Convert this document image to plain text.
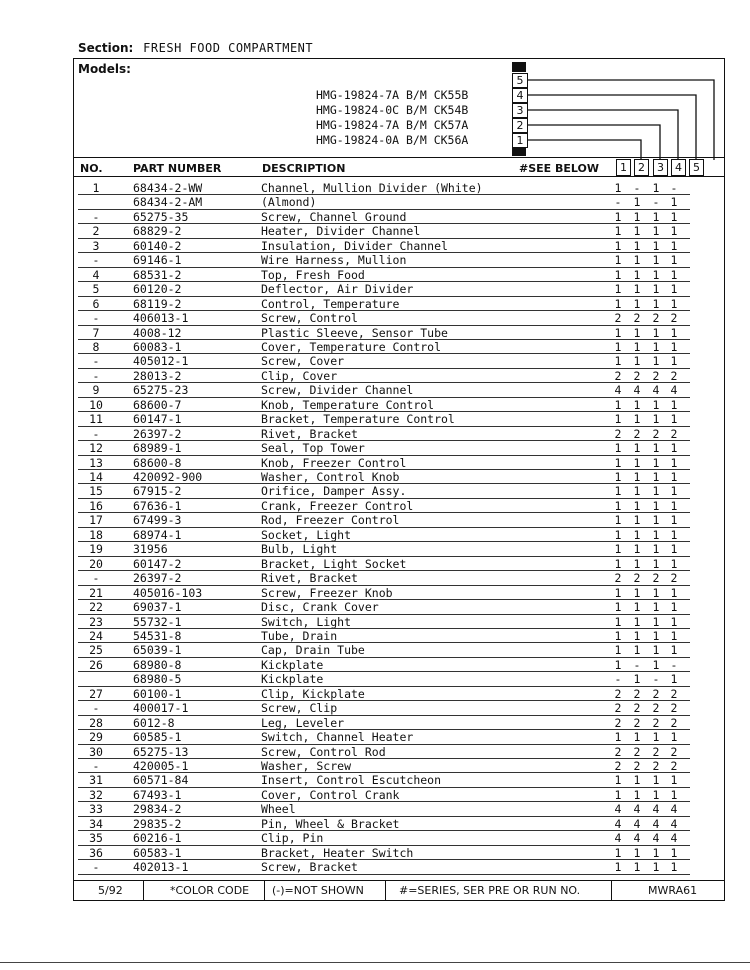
Section: FRESH FOOD COMPARTMENT
Models:
HMG-19824-7A B/M CK55B
HMG-19824-0C B/M CK54B
HMG-19824-7A B/M CK57A
HMG-19824-0A B/M CK56A
5
4
3
2
1
NO.	PART NUMBER	DESCRIPTION	#SEE BELOW	1	2	3	4	5
1	68434-2-WW	Channel, Mullion Divider (White)	1	-	1 -
68434-2-AM	(Almond)	-	1	- 1
-	65275-35	Screw, Channel Ground	1	1	1 1
2	68829-2	Heater, Divider Channel	1	1	1 1
3	60140-2	Insulation, Divider Channel	1	1	1 1
-	69146-1	Wire Harness, Mullion	1	1	1 1
4	68531-2	Top, Fresh Food	1	1	1 1
5	60120-2	Deflector, Air Divider	1	1	1 1
6	68119-2	Control, Temperature	1	1	1 1
-	406013-1	Screw, Control	2	2	2 2
7	4008-12	Plastic Sleeve, Sensor Tube	1	1	1 1
8	60083-1	Cover, Temperature Control	1	1	1 1
-	405012-1	Screw, Cover	1	1	1 1
-	28013-2	Clip, Cover	2	2	2 2
9	65275-23	Screw, Divider Channel	4	4	4 4
10	68600-7	Knob, Temperature Control	1	1	1 1
11	60147-1	Bracket, Temperature Control	1	1	1 1
-	26397-2	Rivet, Bracket	2	2	2 2
12	68989-1	Seal, Top Tower	1	1	1 1
13	68600-8	Knob, Freezer Control	1	1	1 1
14	420092-900	Washer, Control Knob	1	1	1 1
15	67915-2	Orifice, Damper Assy.	1	1	1 1
16	67636-1	Crank, Freezer Control	1	1	1 1
17	67499-3	Rod, Freezer Control	1	1	1 1
18	68974-1	Socket, Light	1	1	1 1
19	31956	Bulb, Light	1	1	1 1
20	60147-2	Bracket, Light Socket	1	1	1 1
-	26397-2	Rivet, Bracket	2	2	2 2
21	405016-103	Screw, Freezer Knob	1	1	1 1
22	69037-1	Disc, Crank Cover	1	1	1 1
23	55732-1	Switch, Light	1	1	1 1
24	54531-8	Tube, Drain	1	1	1 1
25	65039-1	Cap, Drain Tube	1	1	1 1
26	68980-8	Kickplate	1	-	1 -
68980-5	Kickplate	-	1	- 1
27	60100-1	Clip, Kickplate	2	2	2 2
-	400017-1	Screw, Clip	2	2	2 2
28	6012-8	Leg, Leveler	2	2	2 2
29	60585-1	Switch, Channel Heater	1	1	1 1
30	65275-13	Screw, Control Rod	2	2	2 2
-	420005-1	Washer, Screw	2	2	2 2
31	60571-84	Insert, Control Escutcheon	1	1	1 1
32	67493-1	Cover, Control Crank	1	1	1 1
33	29834-2	Wheel	4	4	4 4
34	29835-2	Pin, Wheel & Bracket	4	4	4 4
35	60216-1	Clip, Pin	4	4	4 4
36	60583-1	Bracket, Heater Switch	1	1	1 1
-	402013-1	Screw, Bracket	1	1	1 1
5/92	*COLOR CODE (-)=NOT SHOWN	#=SERIES, SER PRE OR RUN NO.	MWRA61
